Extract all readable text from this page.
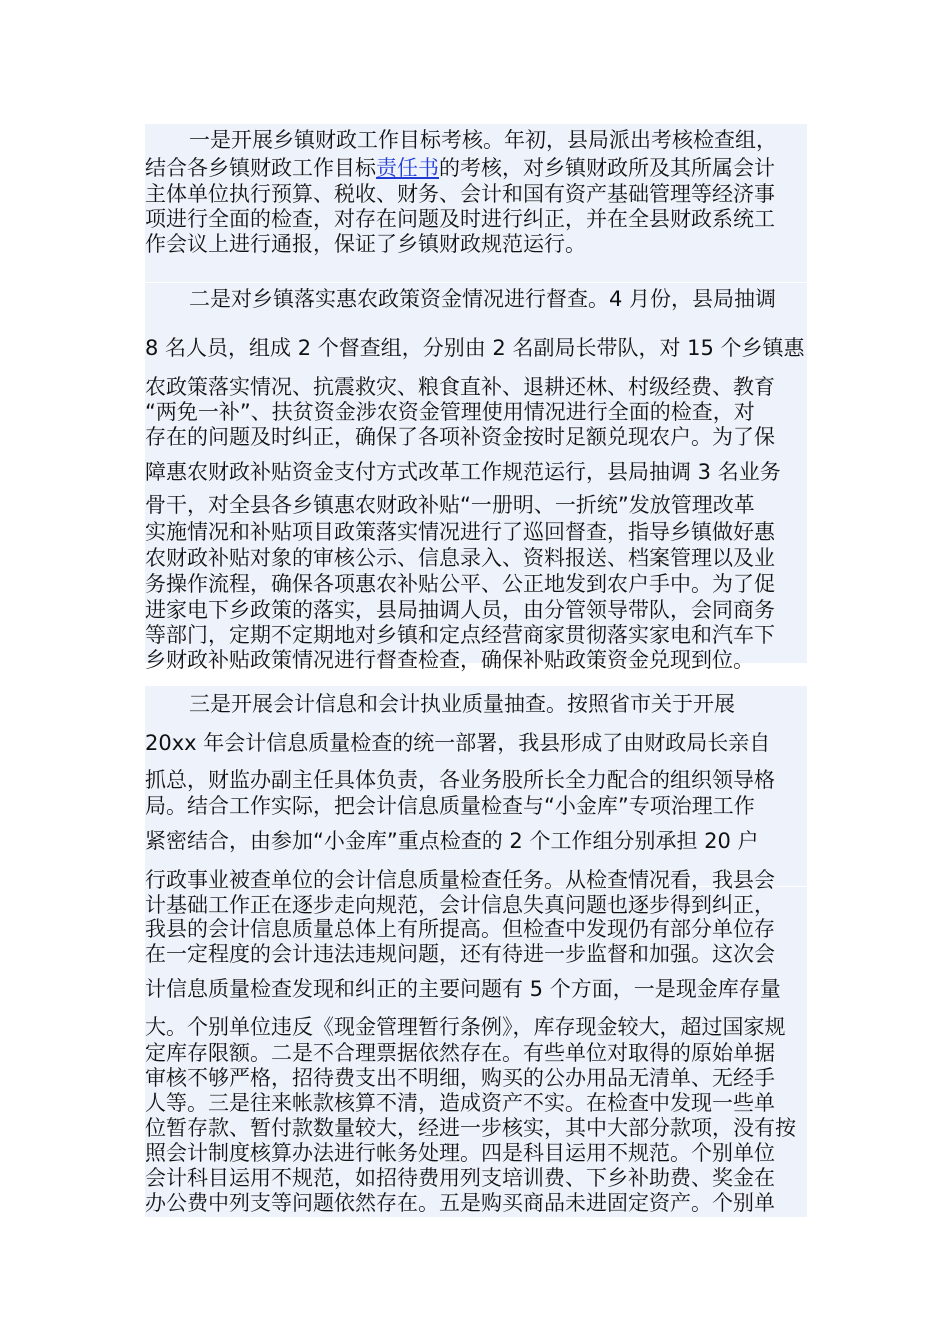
一是开展乡镇财政工作目标考核。年初，县局派出考核检查组，
结合各乡镇财政工作目标责任书的考核，对乡镇财政所及其所属会计
主体单位执行预算、税收、财务、会计和国有资产基础管理等经济事
项进行全面的检查，对存在问题及时进行纠正，并在全县财政系统工
作会议上进行通报，保证了乡镇财政规范运行。
二是对乡镇落实惠农政策资金情况进行督查。4 月份，县局抽调
8 名人员，组成 2 个督查组，分别由 2 名副局长带队，对 15 个乡镇惠
农政策落实情况、抗震救灾、粮食直补、退耕还林、村级经费、教育
“两免一补”、扶贫资金涉农资金管理使用情况进行全面的检查，对
存在的问题及时纠正，确保了各项补资金按时足额兑现农户。为了保
障惠农财政补贴资金支付方式改革工作规范运行，县局抽调 3 名业务
骨干，对全县各乡镇惠农财政补贴“一册明、一折统”发放管理改革
实施情况和补贴项目政策落实情况进行了巡回督查，指导乡镇做好惠
农财政补贴对象的审核公示、信息录入、资料报送、档案管理以及业
务操作流程，确保各项惠农补贴公平、公正地发到农户手中。为了促
进家电下乡政策的落实，县局抽调人员，由分管领导带队，会同商务
等部门，定期不定期地对乡镇和定点经营商家贯彻落实家电和汽车下
乡财政补贴政策情况进行督查检查，确保补贴政策资金兑现到位。
三是开展会计信息和会计执业质量抽查。按照省市关于开展
20xx 年会计信息质量检查的统一部署，我县形成了由财政局长亲自
抓总，财监办副主任具体负责，各业务股所长全力配合的组织领导格
局。结合工作实际，把会计信息质量检查与“小金库”专项治理工作
紧密结合，由参加“小金库”重点检查的 2 个工作组分别承担 20 户
行政事业被查单位的会计信息质量检查任务。从检查情况看，我县会
计基础工作正在逐步走向规范，会计信息失真问题也逐步得到纠正，
我县的会计信息质量总体上有所提高。但检查中发现仍有部分单位存
在一定程度的会计违法违规问题，还有待进一步监督和加强。这次会
计信息质量检查发现和纠正的主要问题有 5 个方面，一是现金库存量
大。个别单位违反《现金管理暂行条例》，库存现金较大，超过国家规
定库存限额。二是不合理票据依然存在。有些单位对取得的原始单据
审核不够严格，招待费支出不明细，购买的公办用品无清单、无经手
人等。三是往来帐款核算不清，造成资产不实。在检查中发现一些单
位暂存款、暂付款数量较大，经进一步核实，其中大部分款项，没有按
照会计制度核算办法进行帐务处理。四是科目运用不规范。个别单位
会计科目运用不规范，如招待费用列支培训费、下乡补助费、奖金在
办公费中列支等问题依然存在。五是购买商品未进固定资产。个别单
